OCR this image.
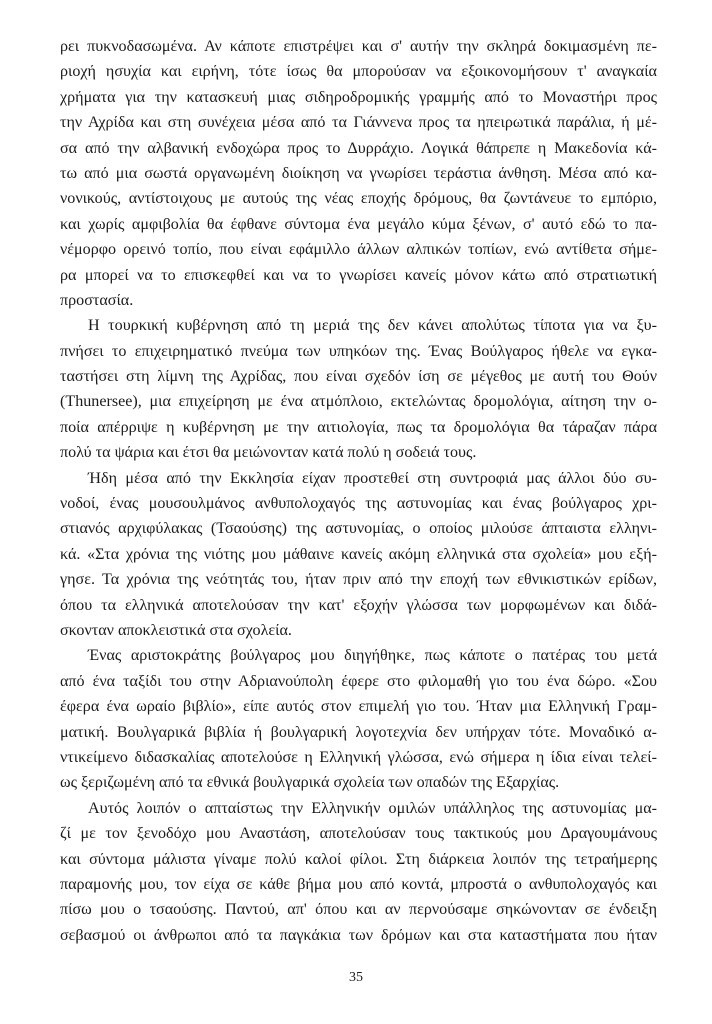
ρει πυκνοδασωμένα. Αν κάποτε επιστρέψει και σ' αυτήν την σκληρά δοκιμασμένη πε-
ριοχή ησυχία και ειρήνη, τότε ίσως θα μπορούσαν να εξοικονομήσουν τ' αναγκαία
χρήματα για την κατασκευή μιας σιδηροδρομικής γραμμής από το Μοναστήρι προς
την Αχρίδα και στη συνέχεια μέσα από τα Γιάννενα προς τα ηπειρωτικά παράλια, ή μέ-
σα από την αλβανική ενδοχώρα προς το Δυρράχιο. Λογικά θάπρεπε η Μακεδονία κά-
τω από μια σωστά οργανωμένη διοίκηση να γνωρίσει τεράστια άνθηση. Μέσα από κα-
νονικούς, αντίστοιχους με αυτούς της νέας εποχής δρόμους, θα ζωντάνευε το εμπόριο,
και χωρίς αμφιβολία θα έφθανε σύντομα ένα μεγάλο κύμα ξένων, σ' αυτό εδώ το πα-
νέμορφο ορεινό τοπίο, που είναι εφάμιλλο άλλων αλπικών τοπίων, ενώ αντίθετα σήμε-
ρα μπορεί να το επισκεφθεί και να το γνωρίσει κανείς μόνον κάτω από στρατιωτική
προστασία.
Η τουρκική κυβέρνηση από τη μεριά της δεν κάνει απολύτως τίποτα για να ξυ-
πνήσει το επιχειρηματικό πνεύμα των υπηκόων της. Ένας Βούλγαρος ήθελε να εγκα-
ταστήσει στη λίμνη της Αχρίδας, που είναι σχεδόν ίση σε μέγεθος με αυτή του Θούν
(Thunersee), μια επιχείρηση με ένα ατμόπλοιο, εκτελώντας δρομολόγια, αίτηση την ο-
ποία απέρριψε η κυβέρνηση με την αιτιολογία, πως τα δρομολόγια θα τάραζαν πάρα
πολύ τα ψάρια και έτσι θα μειώνονταν κατά πολύ η σοδειά τους.
Ήδη μέσα από την Εκκλησία είχαν προστεθεί στη συντροφιά μας άλλοι δύο συ-
νοδοί, ένας μουσουλμάνος ανθυπολοχαγός της αστυνομίας και ένας βούλγαρος χρι-
στιανός αρχιφύλακας (Τσαούσης) της αστυνομίας, ο οποίος μιλούσε άπταιστα ελληνι-
κά. «Στα χρόνια της νιότης μου μάθαινε κανείς ακόμη ελληνικά στα σχολεία» μου εξή-
γησε. Τα χρόνια της νεότητάς του, ήταν πριν από την εποχή των εθνικιστικών ερίδων,
όπου τα ελληνικά αποτελούσαν την κατ' εξοχήν γλώσσα των μορφωμένων και διδά-
σκονταν αποκλειστικά στα σχολεία.
Ένας αριστοκράτης βούλγαρος μου διηγήθηκε, πως κάποτε ο πατέρας του μετά
από ένα ταξίδι του στην Αδριανούπολη έφερε στο φιλομαθή γιο του ένα δώρο. «Σου
έφερα ένα ωραίο βιβλίο», είπε αυτός στον επιμελή γιο του. Ήταν μια Ελληνική Γραμ-
ματική. Βουλγαρικά βιβλία ή βουλγαρική λογοτεχνία δεν υπήρχαν τότε. Μοναδικό α-
ντικείμενο διδασκαλίας αποτελούσε η Ελληνική γλώσσα, ενώ σήμερα η ίδια είναι τελεί-
ως ξεριζωμένη από τα εθνικά βουλγαρικά σχολεία των οπαδών της Εξαρχίας.
Αυτός λοιπόν ο απταίστως την Ελληνικήν ομιλών υπάλληλος της αστυνομίας μα-
ζί με τον ξενοδόχο μου Αναστάση, αποτελούσαν τους τακτικούς μου Δραγουμάνους
και σύντομα μάλιστα γίναμε πολύ καλοί φίλοι. Στη διάρκεια λοιπόν της τετραήμερης
παραμονής μου, τον είχα σε κάθε βήμα μου από κοντά, μπροστά ο ανθυπολοχαγός και
πίσω μου ο τσαούσης. Παντού, απ' όπου και αν περνούσαμε σηκώνονταν σε ένδειξη
σεβασμού οι άνθρωποι από τα παγκάκια των δρόμων και στα καταστήματα που ήταν
35
